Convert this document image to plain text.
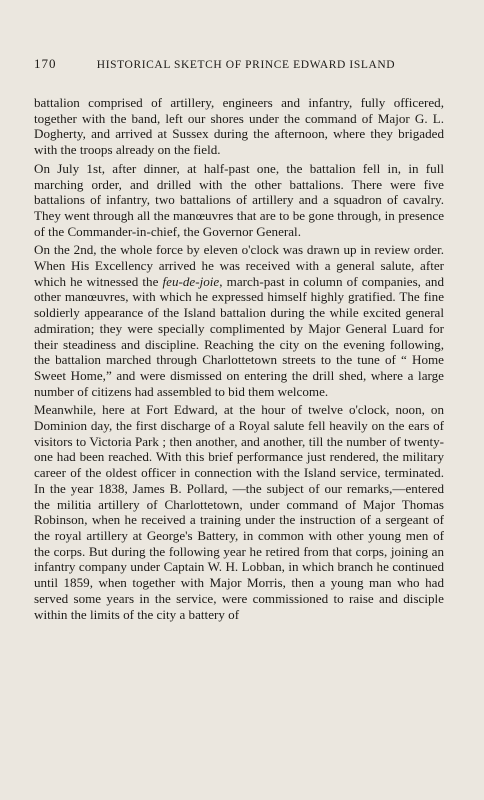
170	HISTORICAL SKETCH OF PRINCE EDWARD ISLAND

battalion comprised of artillery, engineers and infantry, fully officered, together with the band, left our shores under the command of Major G. L. Dogherty, and arrived at Sussex during the afternoon, where they brigaded with the troops already on the field.

On July 1st, after dinner, at half-past one, the battalion fell in, in full marching order, and drilled with the other battalions. There were five battalions of infantry, two battalions of artillery and a squadron of cavalry. They went through all the manœuvres that are to be gone through, in presence of the Commander-in-chief, the Governor General.

On the 2nd, the whole force by eleven o'clock was drawn up in review order. When His Excellency arrived he was received with a general salute, after which he witnessed the feu-de-joie, march-past in column of companies, and other manœuvres, with which he expressed himself highly gratified. The fine soldierly appearance of the Island battalion during the while excited general admiration; they were specially complimented by Major General Luard for their steadiness and discipline. Reaching the city on the evening following, the battalion marched through Charlottetown streets to the tune of “ Home Sweet Home,” and were dismissed on entering the drill shed, where a large number of citizens had assembled to bid them welcome.

Meanwhile, here at Fort Edward, at the hour of twelve o'clock, noon, on Dominion day, the first discharge of a Royal salute fell heavily on the ears of visitors to Victoria Park ; then another, and another, till the number of twenty-one had been reached. With this brief performance just rendered, the military career of the oldest officer in connection with the Island service, terminated. In the year 1838, James B. Pollard, —the subject of our remarks,—entered the militia artillery of Charlottetown, under command of Major Thomas Robinson, when he received a training under the instruction of a sergeant of the royal artillery at George's Battery, in common with other young men of the corps. But during the following year he retired from that corps, joining an infantry company under Captain W. H. Lobban, in which branch he continued until 1859, when together with Major Morris, then a young man who had served some years in the service, were commissioned to raise and disciple within the limits of the city a battery of
